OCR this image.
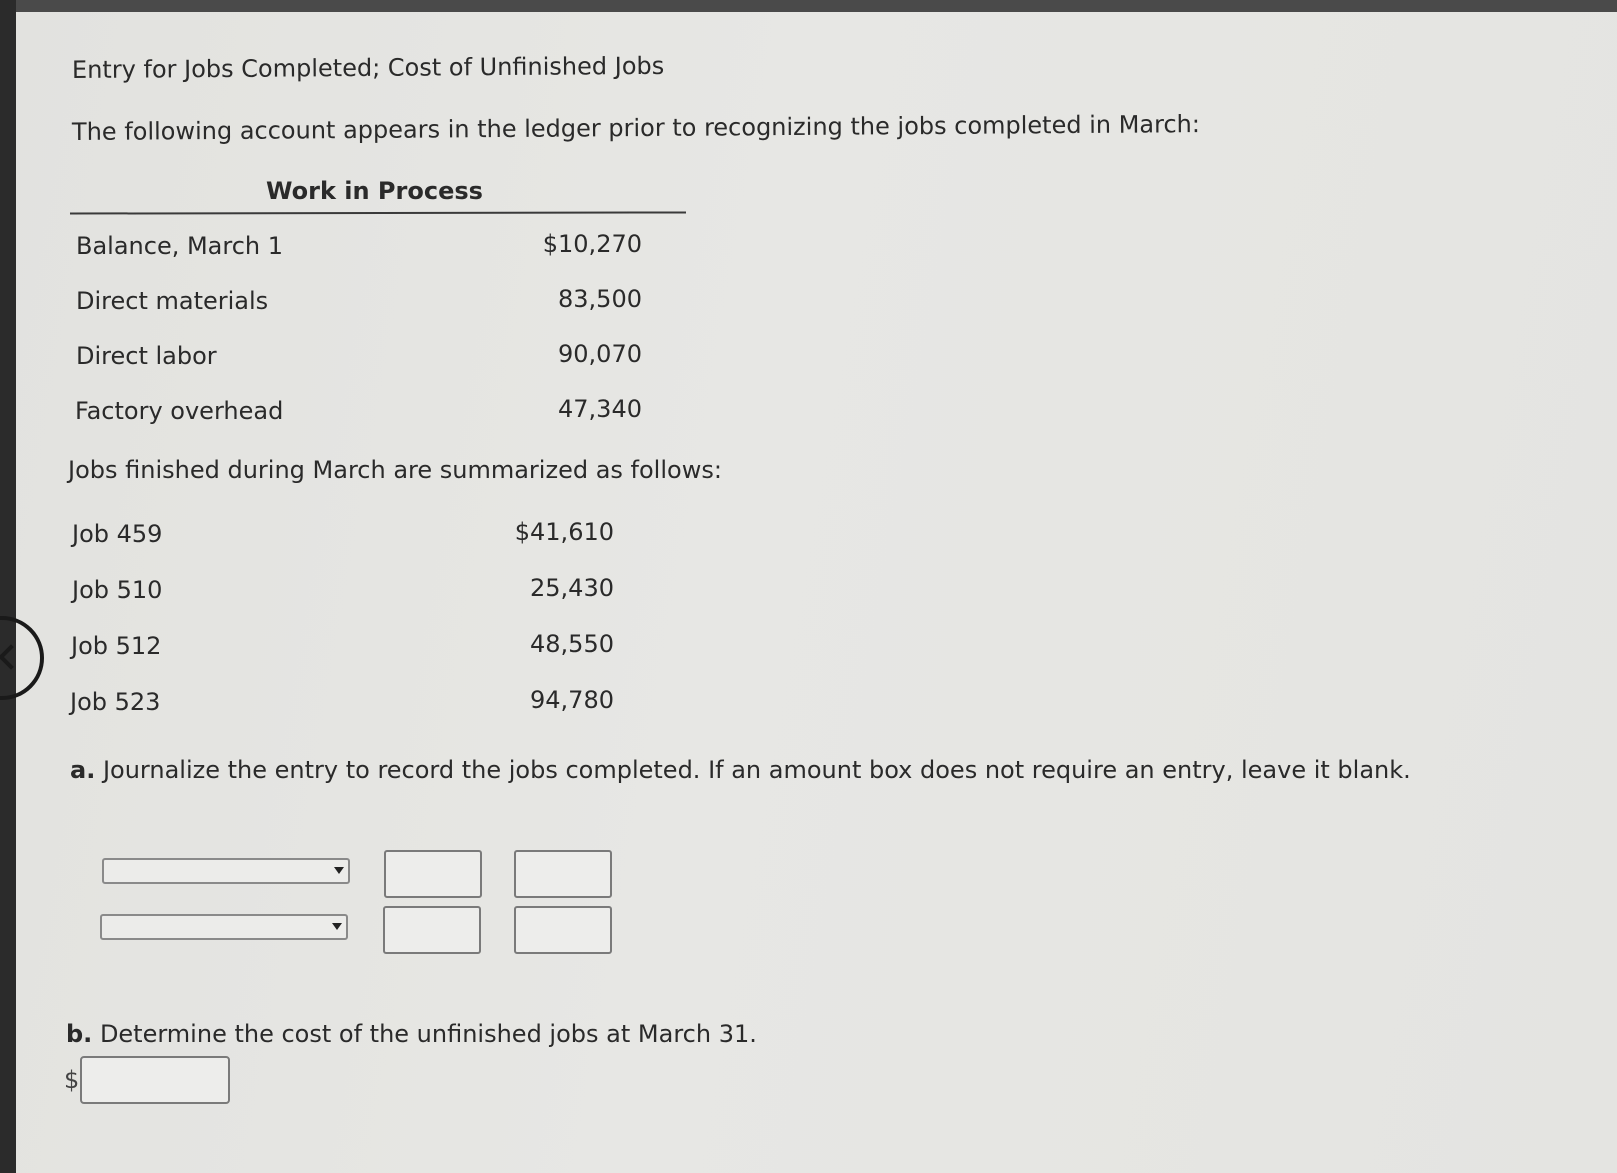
Entry for Jobs Completed; Cost of Unfinished Jobs
The following account appears in the ledger prior to recognizing the jobs completed in March:
Work in Process
Balance, March 1	$10,270
Direct materials	83,500
Direct labor	90,070
Factory overhead	47,340
Jobs finished during March are summarized as follows:
Job 459	$41,610
Job 510	25,430
Job 512	48,550
Job 523	94,780
a. Journalize the entry to record the jobs completed. If an amount box does not require an entry, leave it blank.
b. Determine the cost of the unfinished jobs at March 31.
$
